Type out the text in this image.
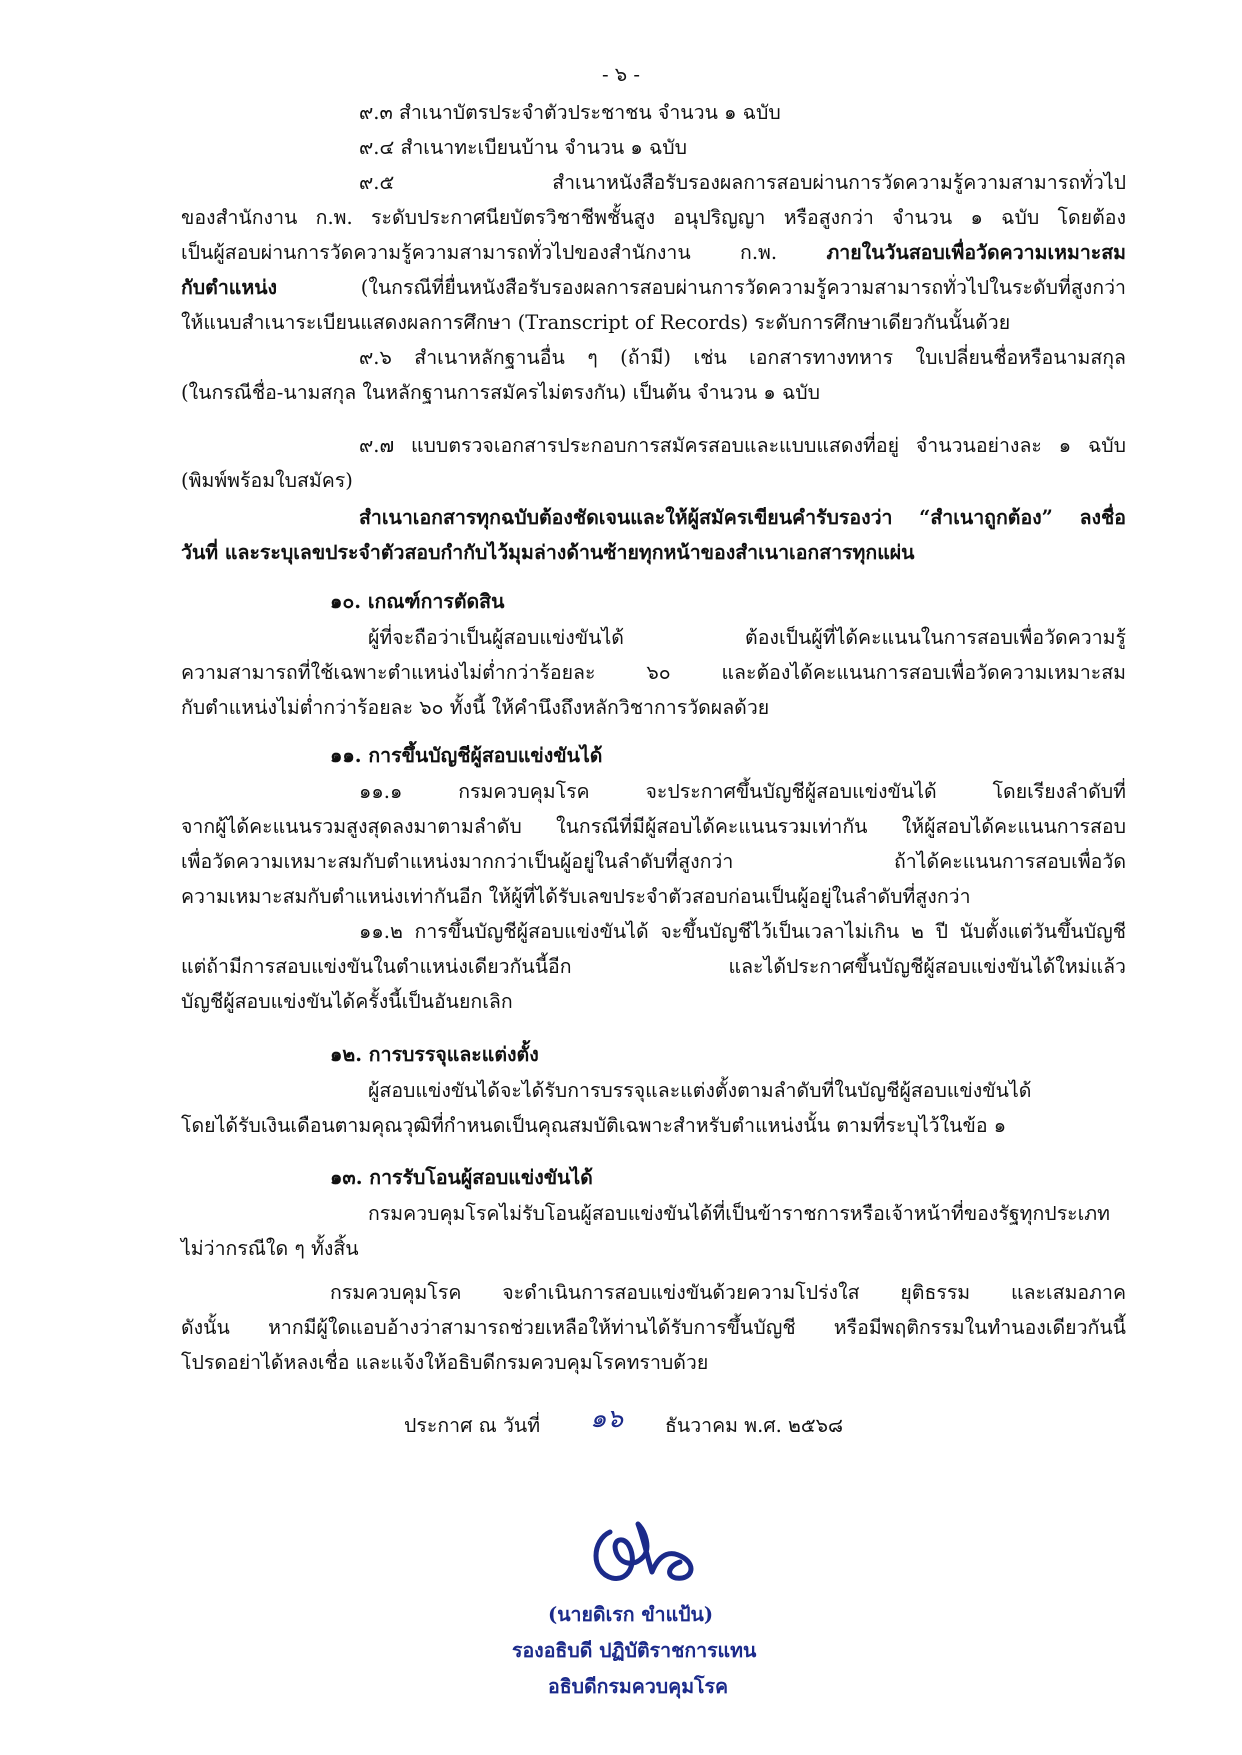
- ๖ -
๙.๓ สำเนาบัตรประจำตัวประชาชน จำนวน ๑ ฉบับ
๙.๔ สำเนาทะเบียนบ้าน จำนวน ๑ ฉบับ
๙.๕ สำเนาหนังสือรับรองผลการสอบผ่านการวัดความรู้ความสามารถทั่วไป
ของสำนักงาน ก.พ. ระดับประกาศนียบัตรวิชาชีพชั้นสูง อนุปริญญา หรือสูงกว่า จำนวน ๑ ฉบับ โดยต้อง
เป็นผู้สอบผ่านการวัดความรู้ความสามารถทั่วไปของสำนักงาน ก.พ. ภายในวันสอบเพื่อวัดความเหมาะสม
กับตำแหน่ง (ในกรณีที่ยื่นหนังสือรับรองผลการสอบผ่านการวัดความรู้ความสามารถทั่วไปในระดับที่สูงกว่า
ให้แนบสำเนาระเบียนแสดงผลการศึกษา (Transcript of Records) ระดับการศึกษาเดียวกันนั้นด้วย
๙.๖ สำเนาหลักฐานอื่น ๆ (ถ้ามี) เช่น เอกสารทางทหาร ใบเปลี่ยนชื่อหรือนามสกุล
(ในกรณีชื่อ-นามสกุล ในหลักฐานการสมัครไม่ตรงกัน) เป็นต้น จำนวน ๑ ฉบับ
๙.๗ แบบตรวจเอกสารประกอบการสมัครสอบและแบบแสดงที่อยู่ จำนวนอย่างละ ๑ ฉบับ
(พิมพ์พร้อมใบสมัคร)
สำเนาเอกสารทุกฉบับต้องชัดเจนและให้ผู้สมัครเขียนคำรับรองว่า “สำเนาถูกต้อง” ลงชื่อ
วันที่ และระบุเลขประจำตัวสอบกำกับไว้มุมล่างด้านซ้ายทุกหน้าของสำเนาเอกสารทุกแผ่น
๑๐. เกณฑ์การตัดสิน
ผู้ที่จะถือว่าเป็นผู้สอบแข่งขันได้ ต้องเป็นผู้ที่ได้คะแนนในการสอบเพื่อวัดความรู้
ความสามารถที่ใช้เฉพาะตำแหน่งไม่ต่ำกว่าร้อยละ ๖๐ และต้องได้คะแนนการสอบเพื่อวัดความเหมาะสม
กับตำแหน่งไม่ต่ำกว่าร้อยละ ๖๐ ทั้งนี้ ให้คำนึงถึงหลักวิชาการวัดผลด้วย
๑๑. การขึ้นบัญชีผู้สอบแข่งขันได้
๑๑.๑ กรมควบคุมโรค จะประกาศขึ้นบัญชีผู้สอบแข่งขันได้ โดยเรียงลำดับที่
จากผู้ได้คะแนนรวมสูงสุดลงมาตามลำดับ ในกรณีที่มีผู้สอบได้คะแนนรวมเท่ากัน ให้ผู้สอบได้คะแนนการสอบ
เพื่อวัดความเหมาะสมกับตำแหน่งมากกว่าเป็นผู้อยู่ในลำดับที่สูงกว่า ถ้าได้คะแนนการสอบเพื่อวัด
ความเหมาะสมกับตำแหน่งเท่ากันอีก ให้ผู้ที่ได้รับเลขประจำตัวสอบก่อนเป็นผู้อยู่ในลำดับที่สูงกว่า
๑๑.๒ การขึ้นบัญชีผู้สอบแข่งขันได้ จะขึ้นบัญชีไว้เป็นเวลาไม่เกิน ๒ ปี นับตั้งแต่วันขึ้นบัญชี
แต่ถ้ามีการสอบแข่งขันในตำแหน่งเดียวกันนี้อีก และได้ประกาศขึ้นบัญชีผู้สอบแข่งขันได้ใหม่แล้ว
บัญชีผู้สอบแข่งขันได้ครั้งนี้เป็นอันยกเลิก
๑๒. การบรรจุและแต่งตั้ง
ผู้สอบแข่งขันได้จะได้รับการบรรจุและแต่งตั้งตามลำดับที่ในบัญชีผู้สอบแข่งขันได้
โดยได้รับเงินเดือนตามคุณวุฒิที่กำหนดเป็นคุณสมบัติเฉพาะสำหรับตำแหน่งนั้น ตามที่ระบุไว้ในข้อ ๑
๑๓. การรับโอนผู้สอบแข่งขันได้
กรมควบคุมโรคไม่รับโอนผู้สอบแข่งขันได้ที่เป็นข้าราชการหรือเจ้าหน้าที่ของรัฐทุกประเภท
ไม่ว่ากรณีใด ๆ ทั้งสิ้น
กรมควบคุมโรค จะดำเนินการสอบแข่งขันด้วยความโปร่งใส ยุติธรรม และเสมอภาค
ดังนั้น หากมีผู้ใดแอบอ้างว่าสามารถช่วยเหลือให้ท่านได้รับการขึ้นบัญชี หรือมีพฤติกรรมในทำนองเดียวกันนี้
โปรดอย่าได้หลงเชื่อ และแจ้งให้อธิบดีกรมควบคุมโรคทราบด้วย
ประกาศ ณ วันที่ ๑๖ ธันวาคม พ.ศ. ๒๕๖๘
(นายดิเรก ขำแป้น)
รองอธิบดี ปฏิบัติราชการแทน
อธิบดีกรมควบคุมโรค
